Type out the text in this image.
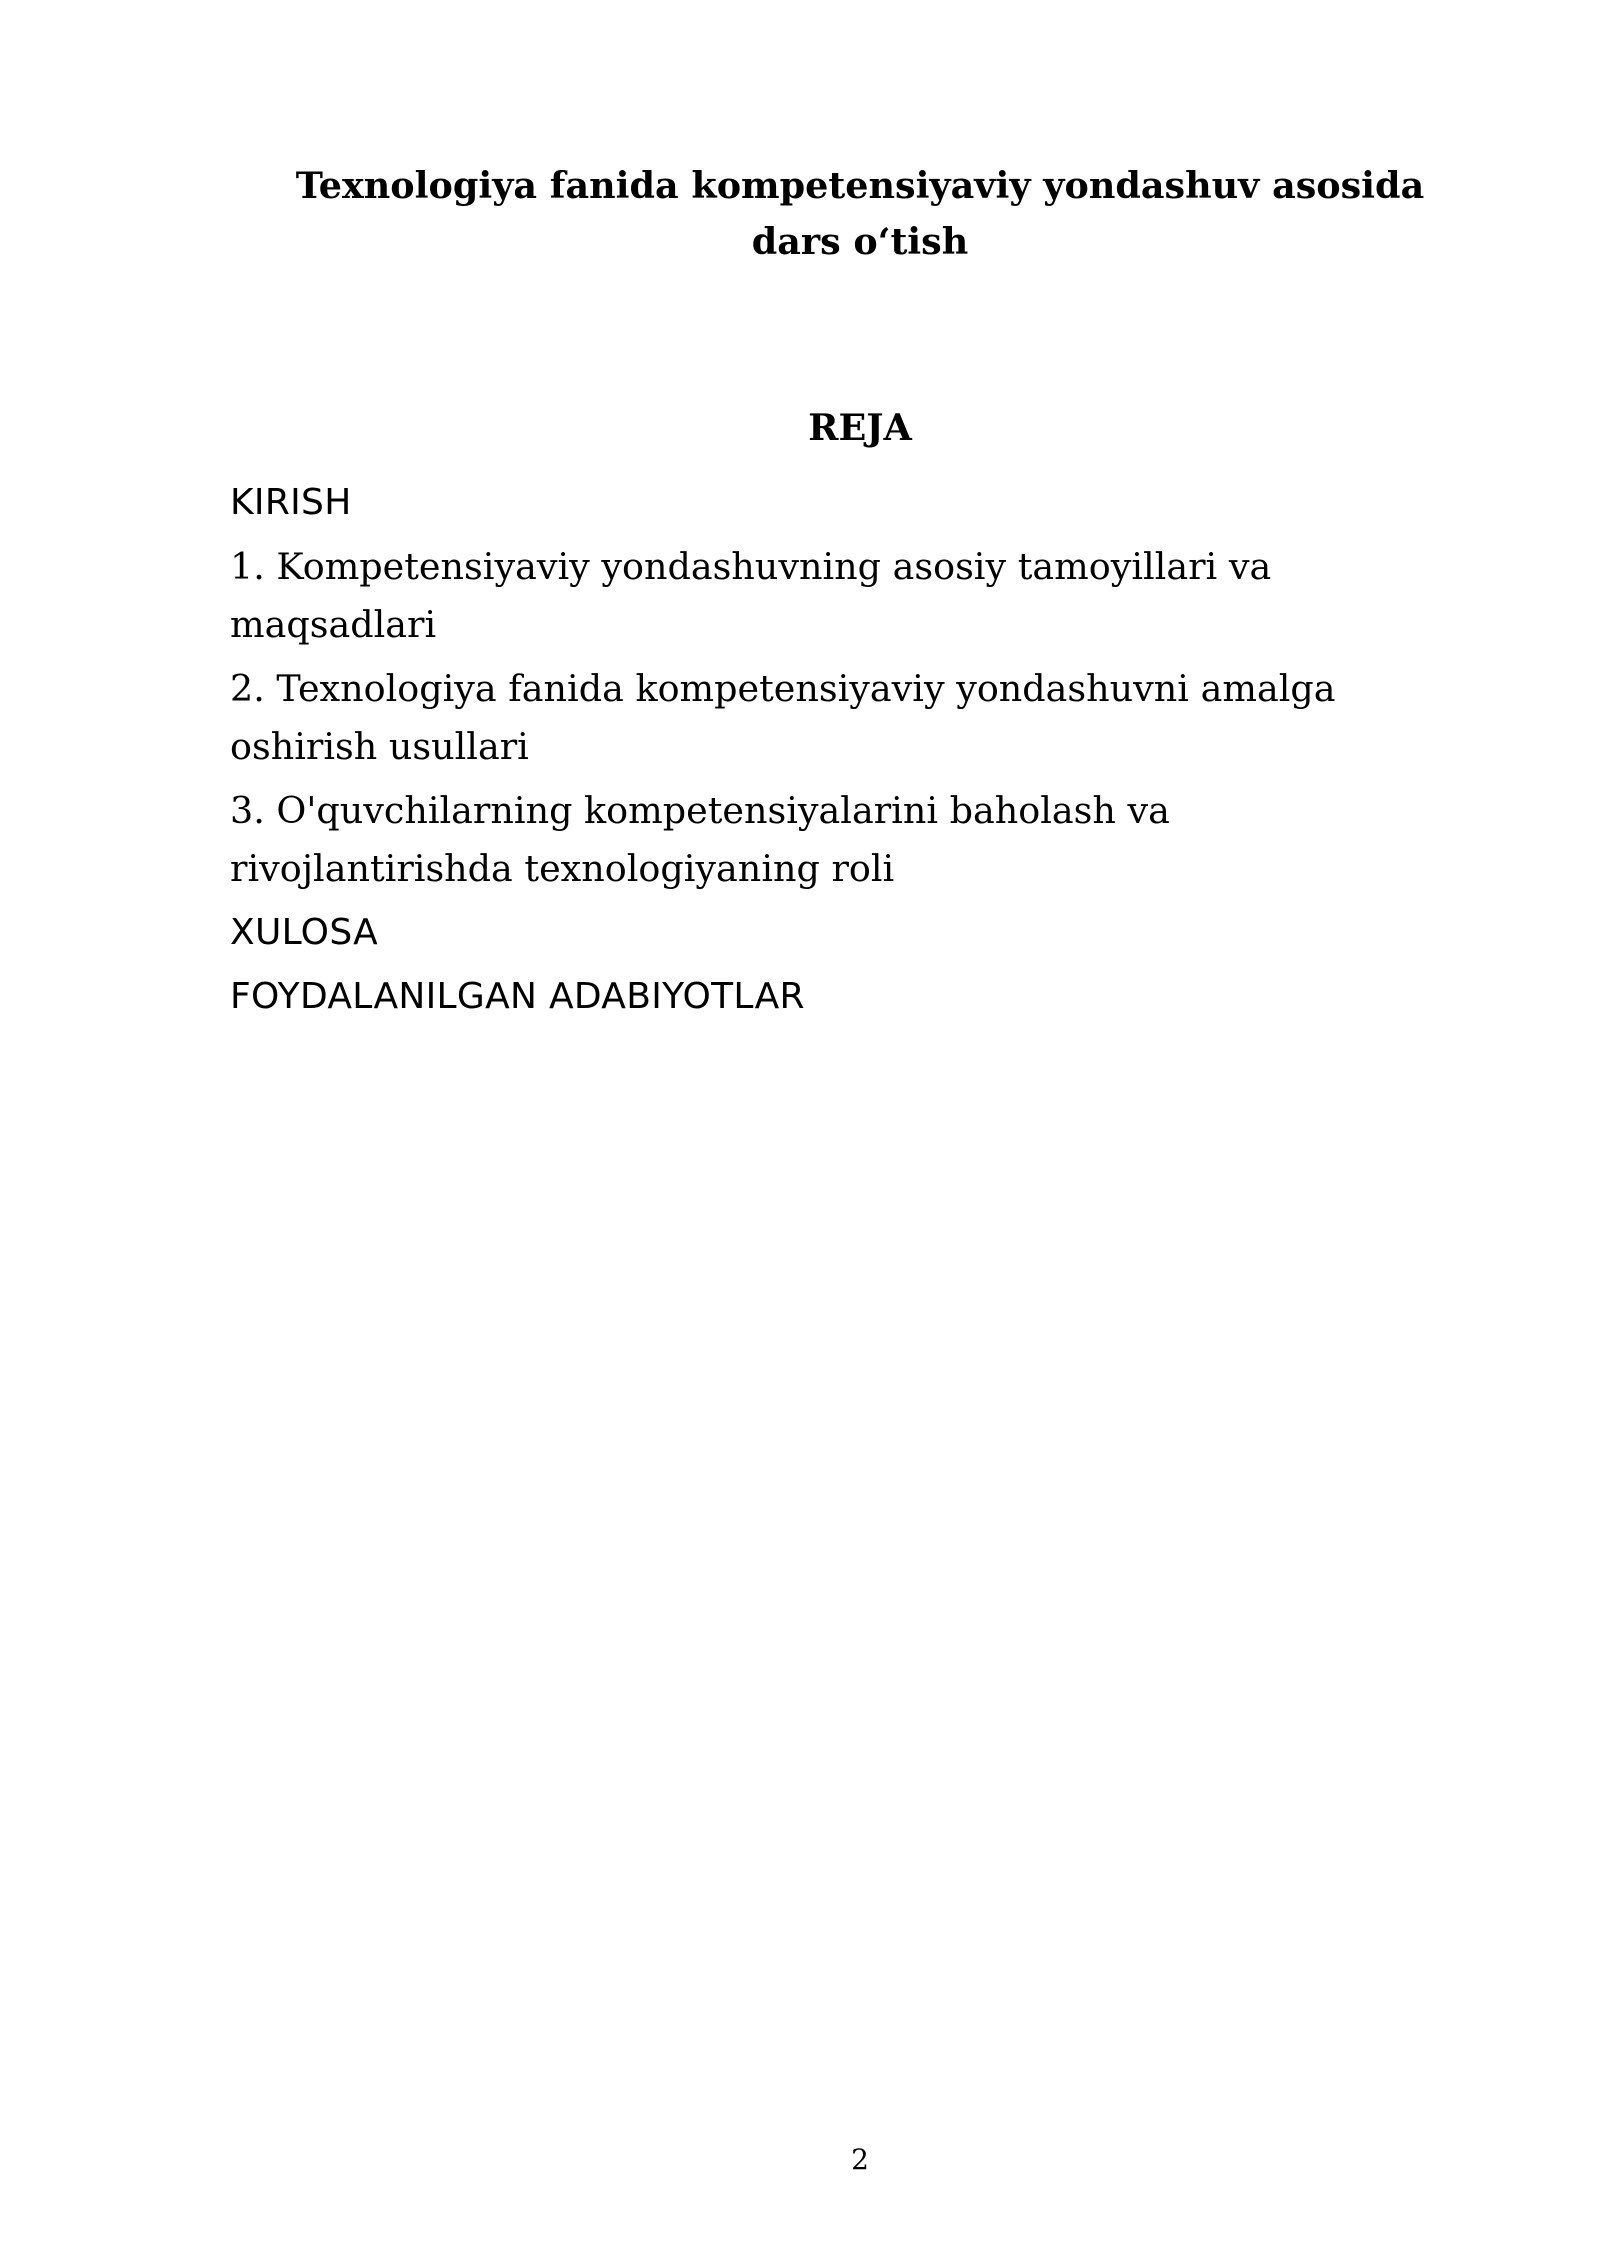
Texnologiya fanida kompetensiyaviy yondashuv asosida
dars o‘tish
REJA
KIRISH
1. Kompetensiyaviy yondashuvning asosiy tamoyillari va maqsadlari
2. Texnologiya fanida kompetensiyaviy yondashuvni amalga oshirish usullari
3. O'quvchilarning kompetensiyalarini baholash va rivojlantirishda texnologiyaning roli
XULOSA
FOYDALANILGAN ADABIYOTLAR
2
